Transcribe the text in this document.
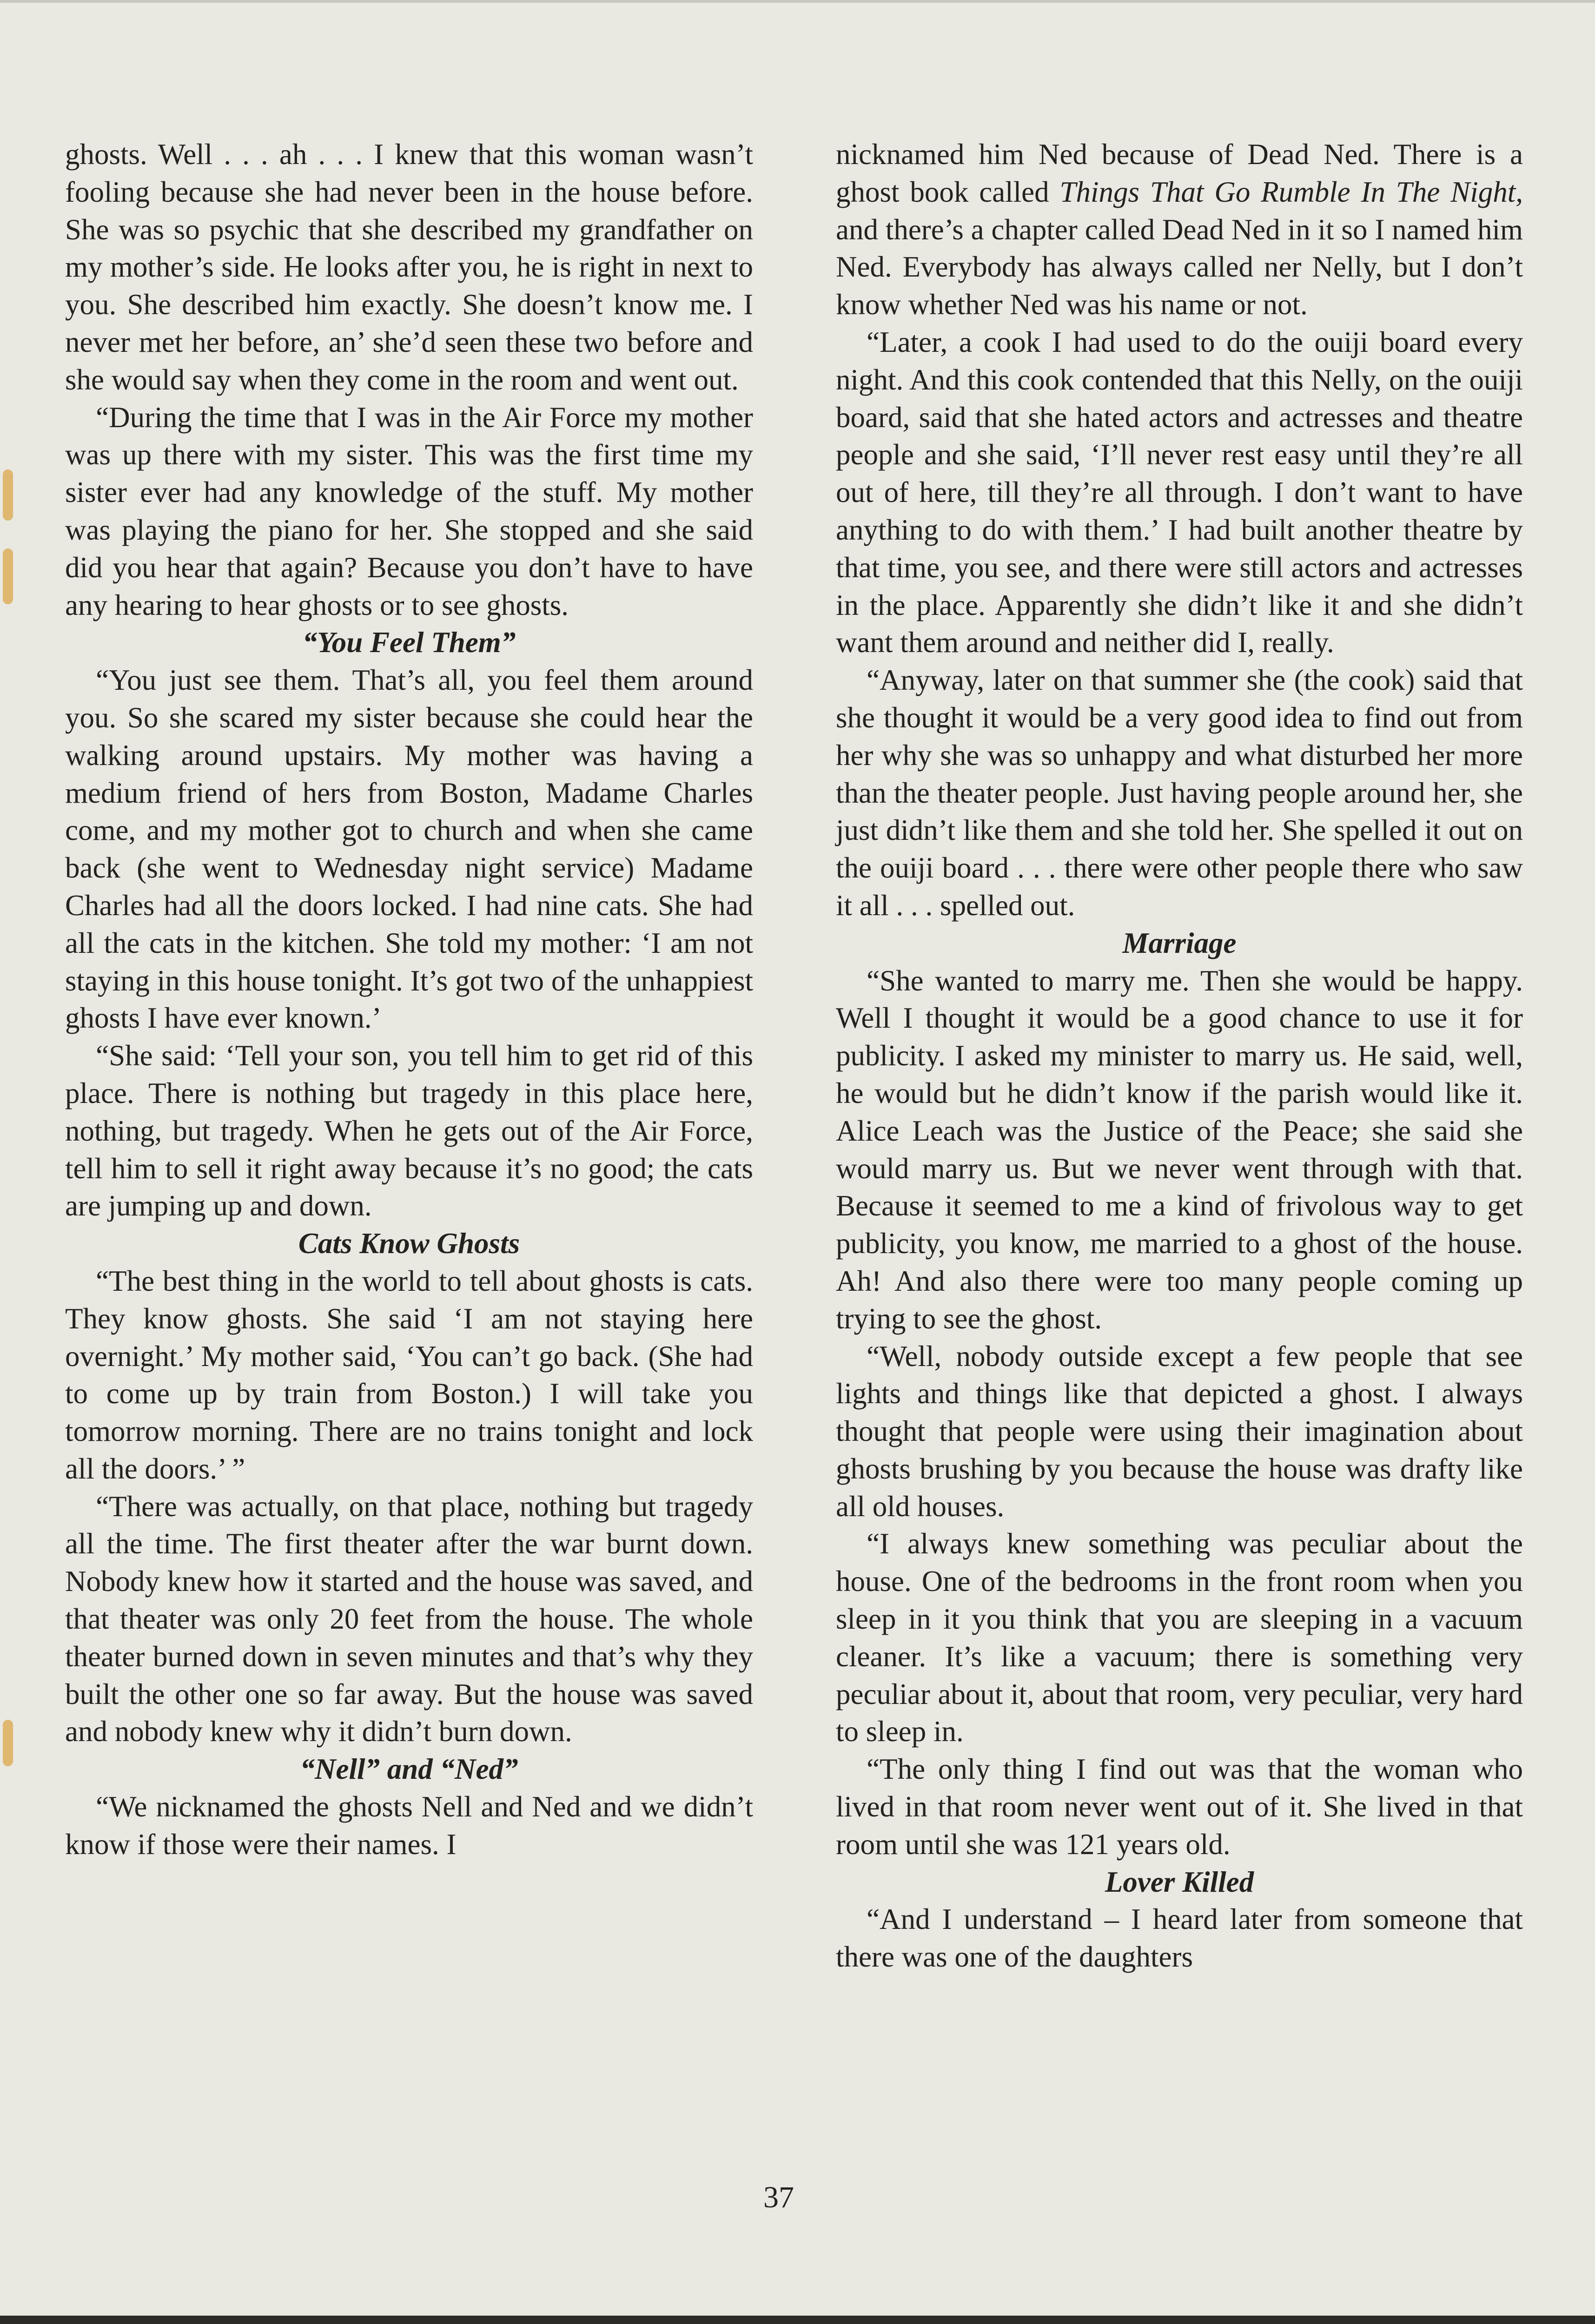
ghosts. Well . . . ah . . . I knew that this woman wasn’t fooling because she had never been in the house before. She was so psychic that she described my grandfather on my mother’s side. He looks after you, he is right in next to you. She described him exactly. She doesn’t know me. I never met her before, an’ she’d seen these two before and she would say when they come in the room and went out.

“During the time that I was in the Air Force my mother was up there with my sister. This was the first time my sister ever had any knowledge of the stuff. My mother was playing the piano for her. She stopped and she said did you hear that again? Because you don’t have to have any hearing to hear ghosts or to see ghosts.

“You Feel Them”

“You just see them. That’s all, you feel them around you. So she scared my sister because she could hear the walking around upstairs. My mother was having a medium friend of hers from Boston, Madame Charles come, and my mother got to church and when she came back (she went to Wednesday night service) Madame Charles had all the doors locked. I had nine cats. She had all the cats in the kitchen. She told my mother: ‘I am not staying in this house tonight. It’s got two of the unhappiest ghosts I have ever known.’

“She said: ‘Tell your son, you tell him to get rid of this place. There is nothing but tragedy in this place here, nothing, but tragedy. When he gets out of the Air Force, tell him to sell it right away because it’s no good; the cats are jumping up and down.

Cats Know Ghosts

“The best thing in the world to tell about ghosts is cats. They know ghosts. She said ‘I am not staying here overnight.’ My mother said, ‘You can’t go back. (She had to come up by train from Boston.) I will take you tomorrow morning. There are no trains tonight and lock all the doors.’ ”

“There was actually, on that place, nothing but tragedy all the time. The first theater after the war burnt down. Nobody knew how it started and the house was saved, and that theater was only 20 feet from the house. The whole theater burned down in seven minutes and that’s why they built the other one so far away. But the house was saved and nobody knew why it didn’t burn down.

“Nell” and “Ned”

“We nicknamed the ghosts Nell and Ned and we didn’t know if those were their names. I

nicknamed him Ned because of Dead Ned. There is a ghost book called Things That Go Rumble In The Night, and there’s a chapter called Dead Ned in it so I named him Ned. Everybody has always called ner Nelly, but I don’t know whether Ned was his name or not.

“Later, a cook I had used to do the ouiji board every night. And this cook contended that this Nelly, on the ouiji board, said that she hated actors and actresses and theatre people and she said, ‘I’ll never rest easy until they’re all out of here, till they’re all through. I don’t want to have anything to do with them.’ I had built another theatre by that time, you see, and there were still actors and actresses in the place. Apparently she didn’t like it and she didn’t want them around and neither did I, really.

“Anyway, later on that summer she (the cook) said that she thought it would be a very good idea to find out from her why she was so unhappy and what disturbed her more than the theater people. Just having people around her, she just didn’t like them and she told her. She spelled it out on the ouiji board . . . there were other people there who saw it all . . . spelled out.

Marriage

“She wanted to marry me. Then she would be happy. Well I thought it would be a good chance to use it for publicity. I asked my minister to marry us. He said, well, he would but he didn’t know if the parish would like it. Alice Leach was the Justice of the Peace; she said she would marry us. But we never went through with that. Because it seemed to me a kind of frivolous way to get publicity, you know, me married to a ghost of the house. Ah! And also there were too many people coming up trying to see the ghost.

“Well, nobody outside except a few people that see lights and things like that depicted a ghost. I always thought that people were using their imagination about ghosts brushing by you because the house was drafty like all old houses.

“I always knew something was peculiar about the house. One of the bedrooms in the front room when you sleep in it you think that you are sleeping in a vacuum cleaner. It’s like a vacuum; there is something very peculiar about it, about that room, very peculiar, very hard to sleep in.

“The only thing I find out was that the woman who lived in that room never went out of it. She lived in that room until she was 121 years old.

Lover Killed

“And I understand – I heard later from someone that there was one of the daughters

37
